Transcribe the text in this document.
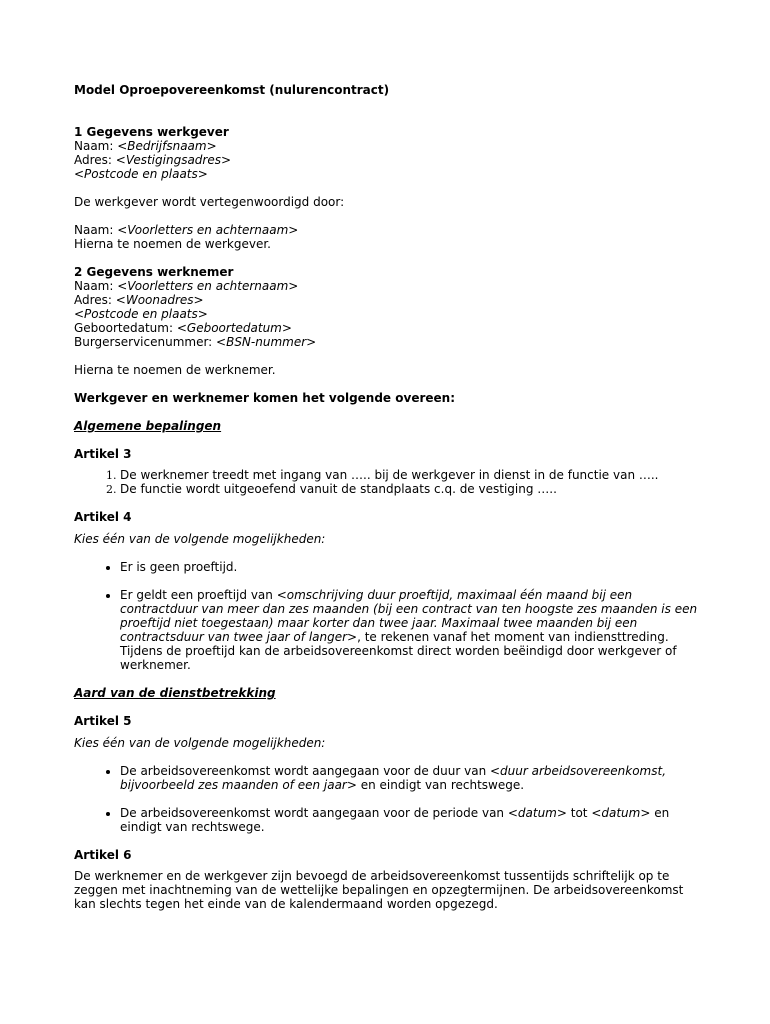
Model Oproepovereenkomst (nulurencontract)

1 Gegevens werkgever

Naam: <Bedrijfsnaam>

Adres: <Vestigingsadres>

<Postcode en plaats>

De werkgever wordt vertegenwoordigd door:

Naam: <Voorletters en achternaam>

Hierna te noemen de werkgever.

2 Gegevens werknemer

Naam: <Voorletters en achternaam>

Adres: <Woonadres>

<Postcode en plaats>

Geboortedatum: <Geboortedatum>

Burgerservicenummer: <BSN-nummer>

Hierna te noemen de werknemer.

Werkgever en werknemer komen het volgende overeen:

Algemene bepalingen

Artikel 3

1. De werknemer treedt met ingang van ….. bij de werkgever in dienst in de functie van …..
2. De functie wordt uitgeoefend vanuit de standplaats c.q. de vestiging …..

Artikel 4

Kies één van de volgende mogelijkheden:

• Er is geen proeftijd.
• Er geldt een proeftijd van <omschrijving duur proeftijd, maximaal één maand bij een contractduur van meer dan zes maanden (bij een contract van ten hoogste zes maanden is een proeftijd niet toegestaan) maar korter dan twee jaar. Maximaal twee maanden bij een contractsduur van twee jaar of langer>, te rekenen vanaf het moment van indiensttreding. Tijdens de proeftijd kan de arbeidsovereenkomst direct worden beëindigd door werkgever of werknemer.

Aard van de dienstbetrekking

Artikel 5

Kies één van de volgende mogelijkheden:

• De arbeidsovereenkomst wordt aangegaan voor de duur van <duur arbeidsovereenkomst, bijvoorbeeld zes maanden of een jaar> en eindigt van rechtswege.
• De arbeidsovereenkomst wordt aangegaan voor de periode van <datum> tot <datum> en eindigt van rechtswege.

Artikel 6

De werknemer en de werkgever zijn bevoegd de arbeidsovereenkomst tussentijds schriftelijk op te zeggen met inachtneming van de wettelijke bepalingen en opzegtermijnen. De arbeidsovereenkomst kan slechts tegen het einde van de kalendermaand worden opgezegd.
